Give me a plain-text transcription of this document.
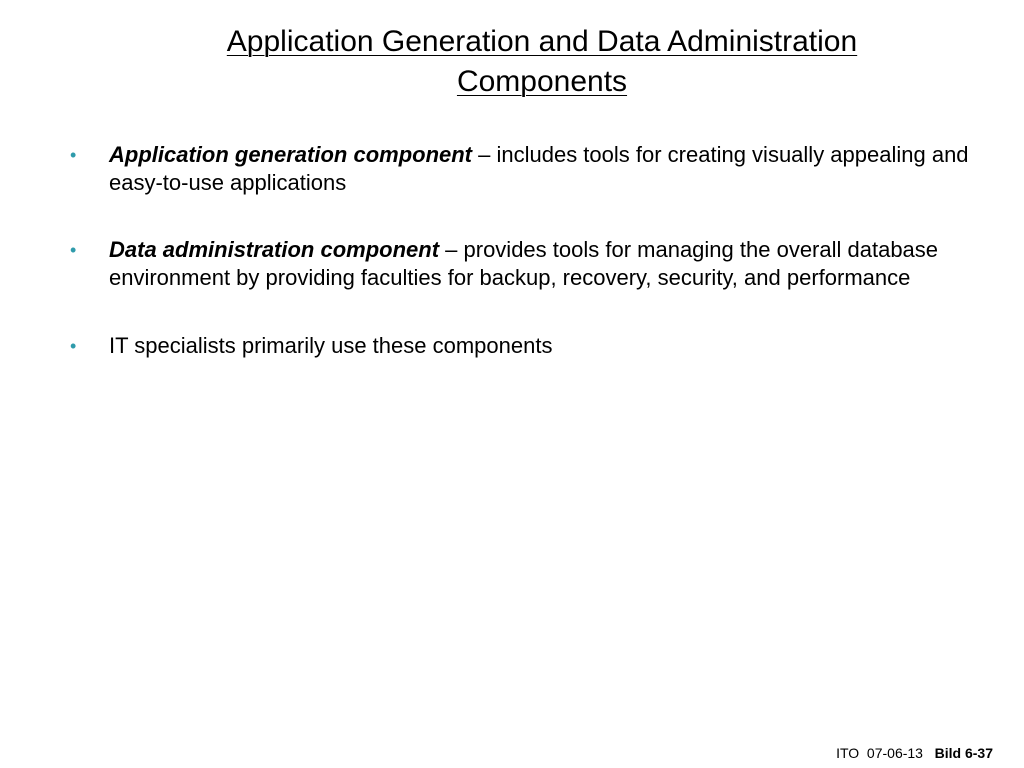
Application Generation and Data Administration
Components
• Application generation component – includes tools for creating visually appealing and easy-to-use applications
• Data administration component – provides tools for managing the overall database environment by providing faculties for backup, recovery, security, and performance
• IT specialists primarily use these components
ITO 07-06-13 Bild 6-37
